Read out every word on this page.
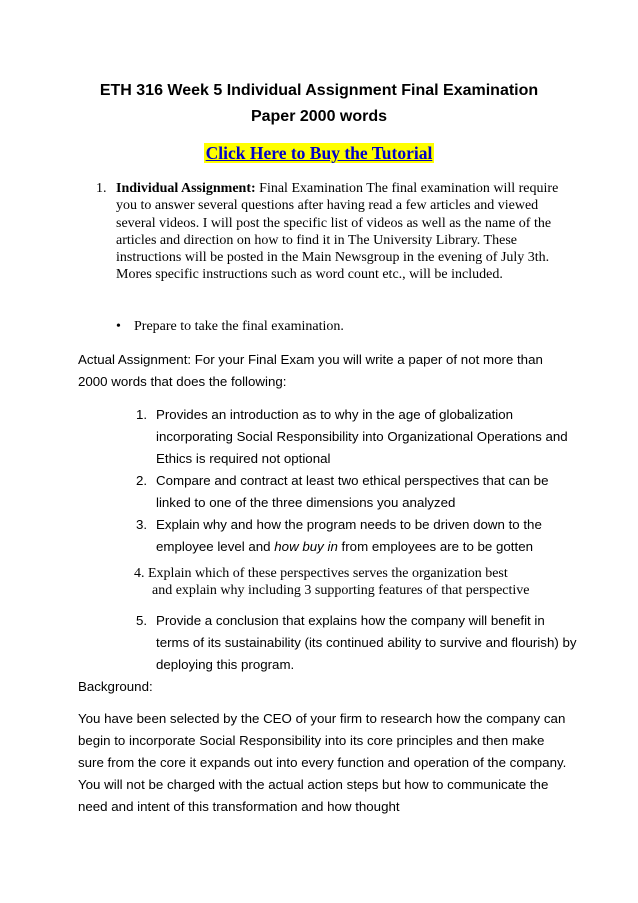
ETH 316 Week 5 Individual Assignment Final Examination
Paper 2000 words
Click Here to Buy the Tutorial
1. Individual Assignment: Final Examination The final examination will require you to answer several questions after having read a few articles and viewed several videos. I will post the specific list of videos as well as the name of the articles and direction on how to find it in The University Library. These instructions will be posted in the Main Newsgroup in the evening of July 3th. Mores specific instructions such as word count etc., will be included.
• Prepare to take the final examination.
Actual Assignment: For your Final Exam you will write a paper of not more than
2000 words that does the following:
1. Provides an introduction as to why in the age of globalization incorporating Social Responsibility into Organizational Operations and Ethics is required not optional
2. Compare and contract at least two ethical perspectives that can be linked to one of the three dimensions you analyzed
3. Explain why and how the program needs to be driven down to the employee level and how buy in from employees are to be gotten
4. Explain which of these perspectives serves the organization best
and explain why including 3 supporting features of that perspective
5. Provide a conclusion that explains how the company will benefit in terms of its sustainability (its continued ability to survive and flourish) by deploying this program.
Background:
You have been selected by the CEO of your firm to research how the company can begin to incorporate Social Responsibility into its core principles and then make sure from the core it expands out into every function and operation of the company. You will not be charged with the actual action steps but how to communicate the need and intent of this transformation and how thought
